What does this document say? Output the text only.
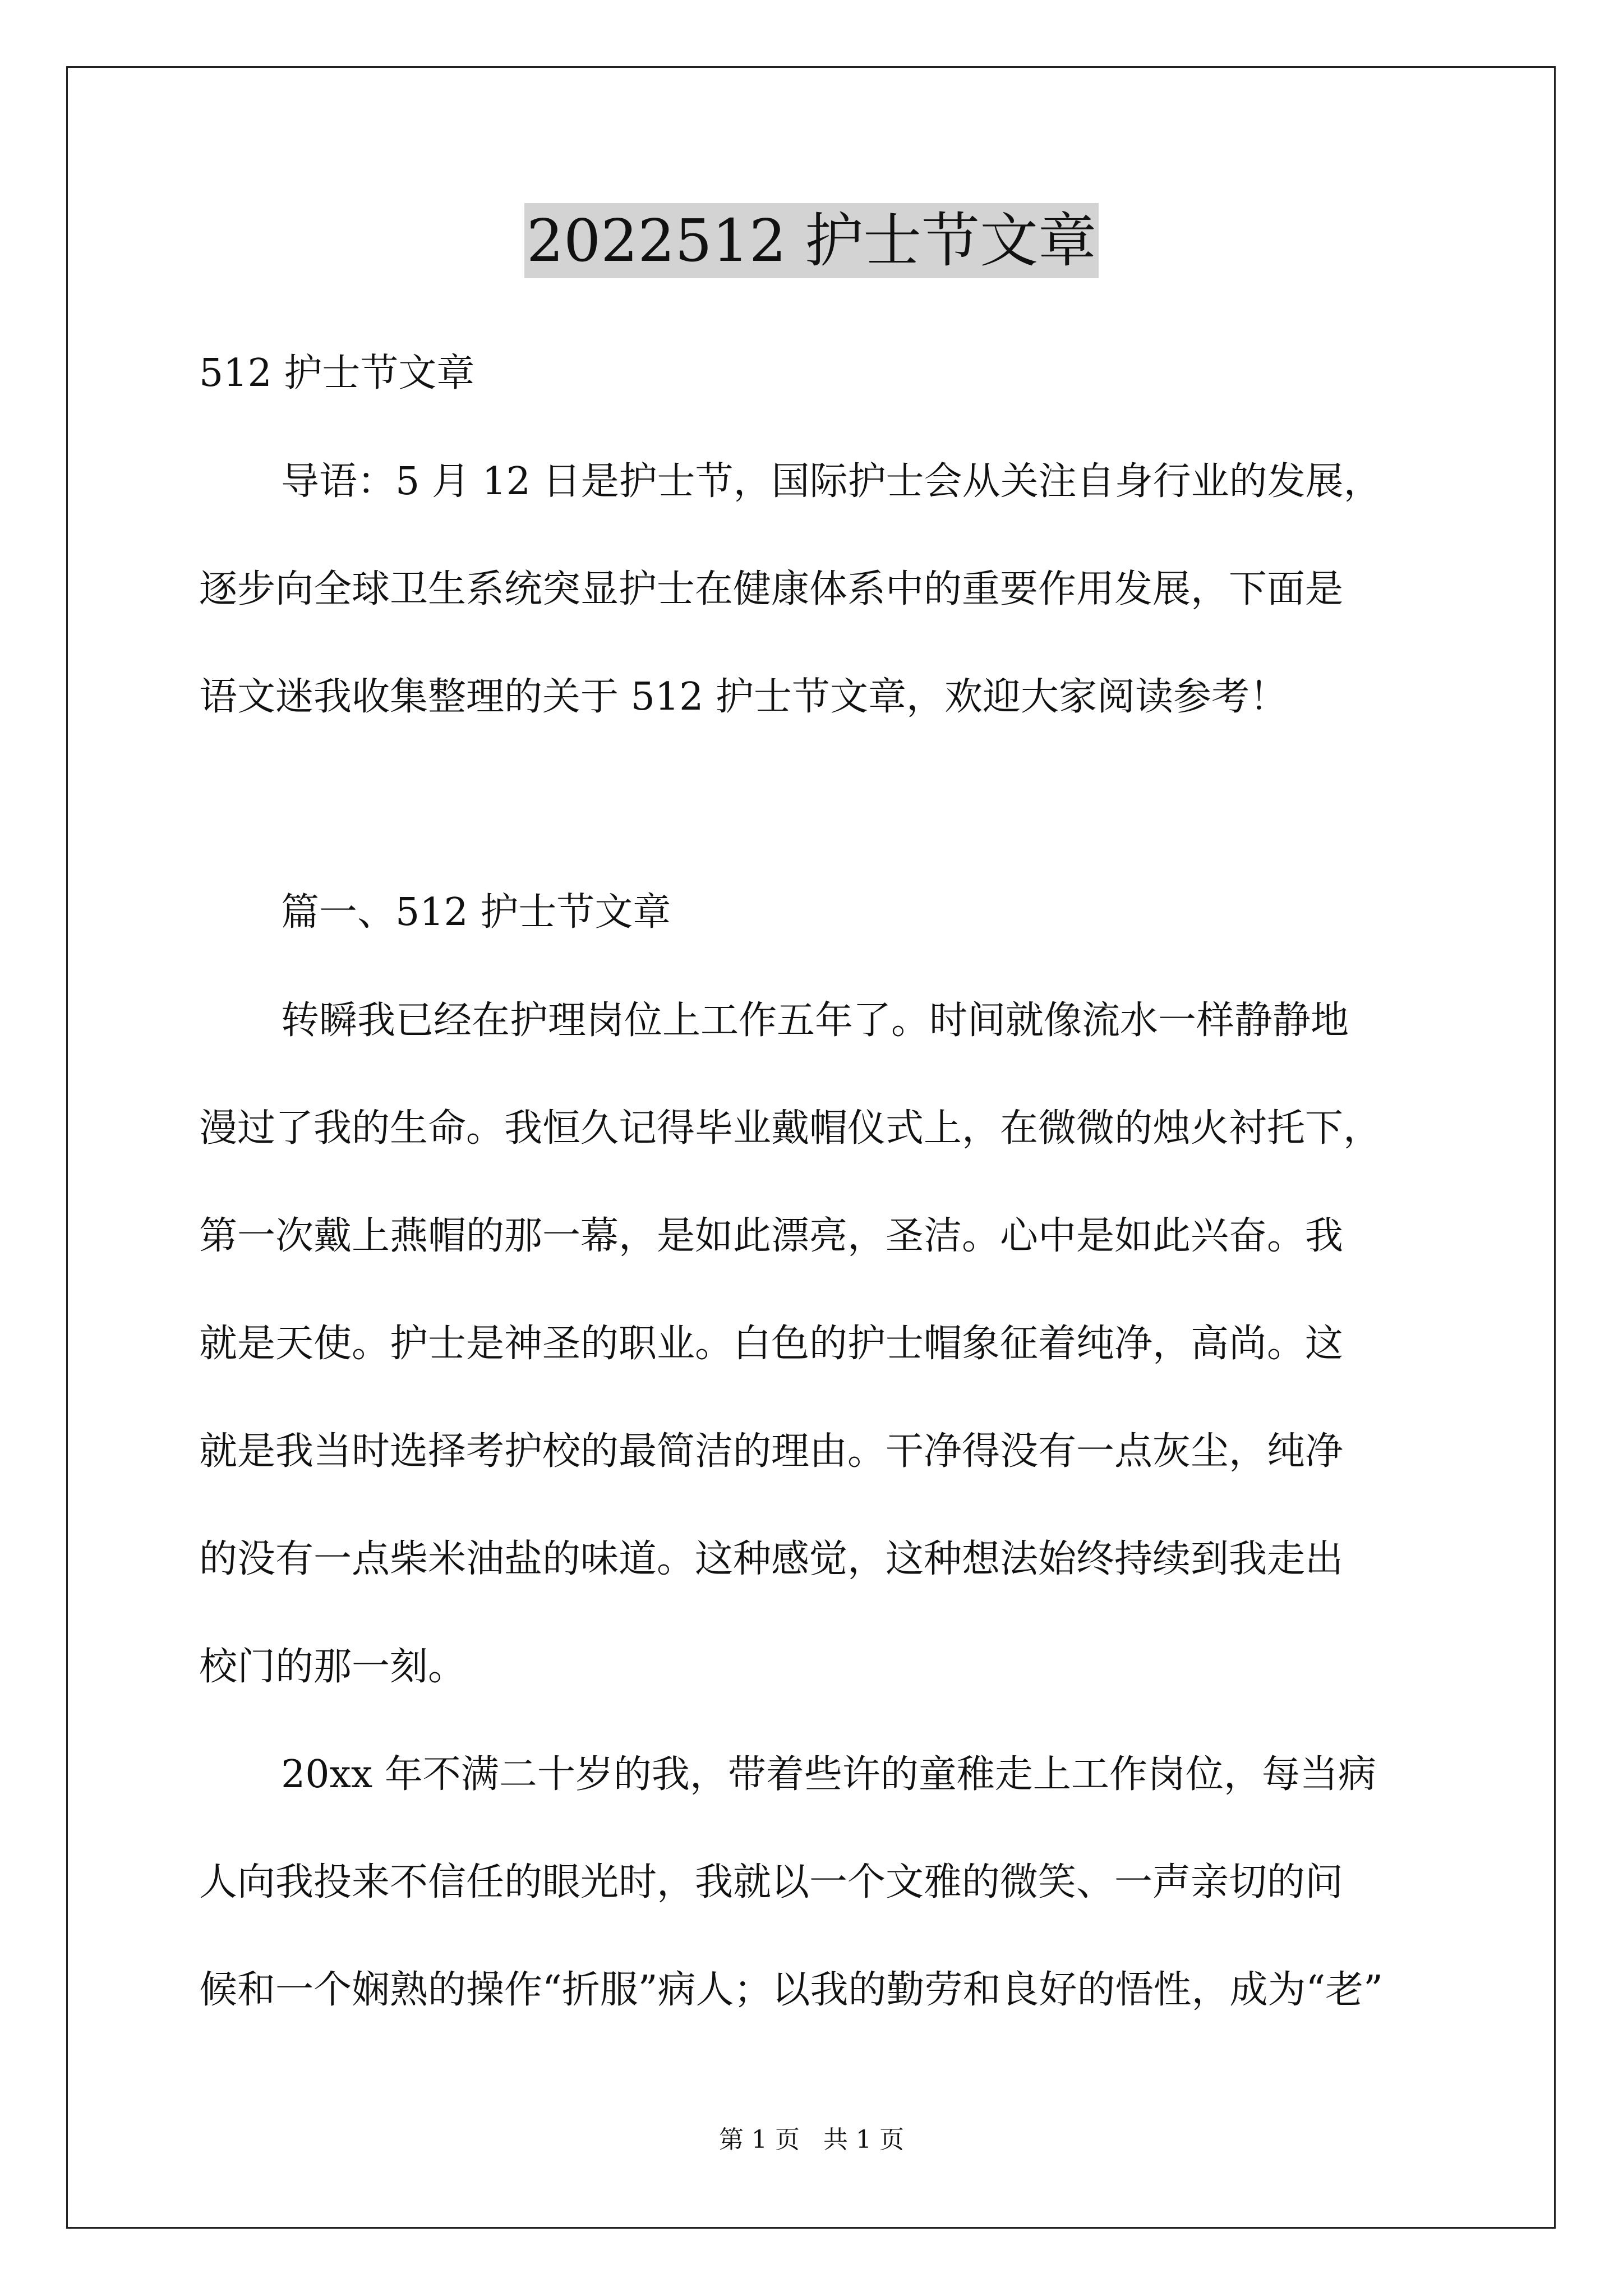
2022512 护士节文章
512 护士节文章
导语：5 月 12 日是护士节，国际护士会从关注自身行业的发展，
逐步向全球卫生系统突显护士在健康体系中的重要作用发展，下面是
语文迷我收集整理的关于 512 护士节文章，欢迎大家阅读参考！
篇一、512 护士节文章
转瞬我已经在护理岗位上工作五年了。时间就像流水一样静静地
漫过了我的生命。我恒久记得毕业戴帽仪式上，在微微的烛火衬托下，
第一次戴上燕帽的那一幕，是如此漂亮，圣洁。心中是如此兴奋。我
就是天使。护士是神圣的职业。白色的护士帽象征着纯净，高尚。这
就是我当时选择考护校的最简洁的理由。干净得没有一点灰尘，纯净
的没有一点柴米油盐的味道。这种感觉，这种想法始终持续到我走出
校门的那一刻。
20xx 年不满二十岁的我，带着些许的童稚走上工作岗位，每当病
人向我投来不信任的眼光时，我就以一个文雅的微笑、一声亲切的问
候和一个娴熟的操作“折服”病人；以我的勤劳和良好的悟性，成为“老”
第 1 页   共 1 页
